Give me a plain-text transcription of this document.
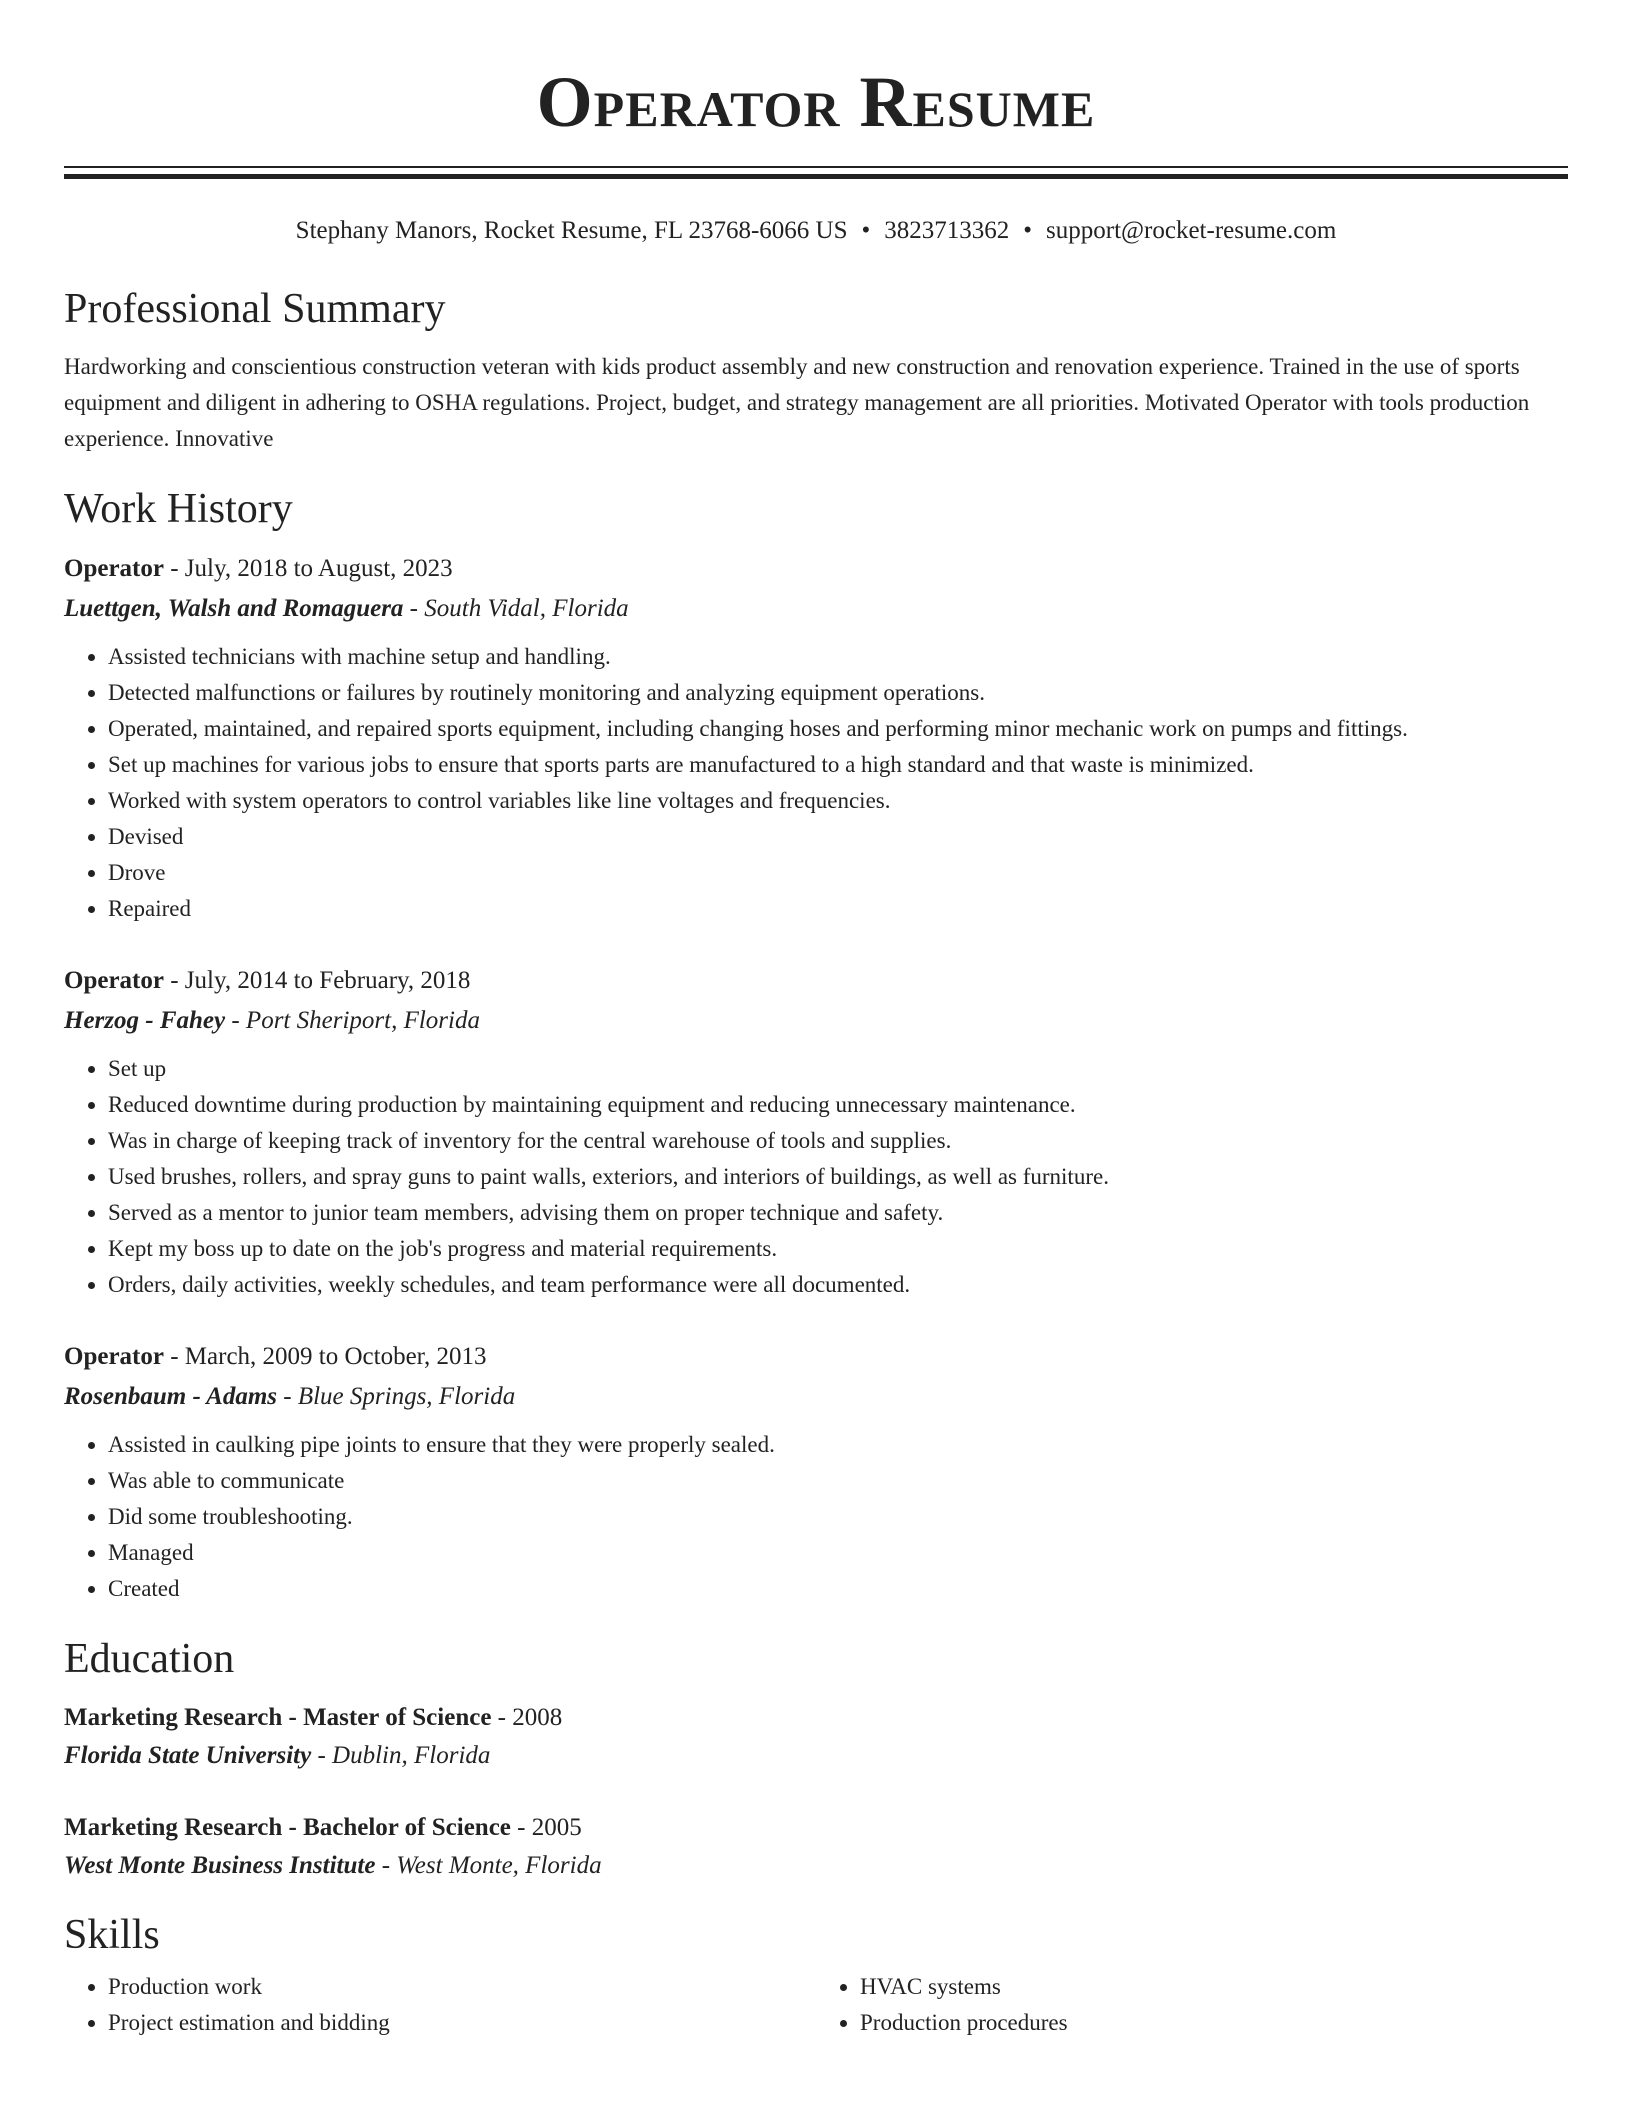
Operator Resume
Stephany Manors, Rocket Resume, FL 23768-6066 US • 3823713362 • support@rocket-resume.com
Professional Summary
Hardworking and conscientious construction veteran with kids product assembly and new construction and renovation experience. Trained in the use of sports equipment and diligent in adhering to OSHA regulations. Project, budget, and strategy management are all priorities. Motivated Operator with tools production experience. Innovative
Work History
Operator - July, 2018 to August, 2023
Luettgen, Walsh and Romaguera - South Vidal, Florida
• Assisted technicians with machine setup and handling.
• Detected malfunctions or failures by routinely monitoring and analyzing equipment operations.
• Operated, maintained, and repaired sports equipment, including changing hoses and performing minor mechanic work on pumps and fittings.
• Set up machines for various jobs to ensure that sports parts are manufactured to a high standard and that waste is minimized.
• Worked with system operators to control variables like line voltages and frequencies.
• Devised
• Drove
• Repaired
Operator - July, 2014 to February, 2018
Herzog - Fahey - Port Sheriport, Florida
• Set up
• Reduced downtime during production by maintaining equipment and reducing unnecessary maintenance.
• Was in charge of keeping track of inventory for the central warehouse of tools and supplies.
• Used brushes, rollers, and spray guns to paint walls, exteriors, and interiors of buildings, as well as furniture.
• Served as a mentor to junior team members, advising them on proper technique and safety.
• Kept my boss up to date on the job's progress and material requirements.
• Orders, daily activities, weekly schedules, and team performance were all documented.
Operator - March, 2009 to October, 2013
Rosenbaum - Adams - Blue Springs, Florida
• Assisted in caulking pipe joints to ensure that they were properly sealed.
• Was able to communicate
• Did some troubleshooting.
• Managed
• Created
Education
Marketing Research - Master of Science - 2008
Florida State University - Dublin, Florida
Marketing Research - Bachelor of Science - 2005
West Monte Business Institute - West Monte, Florida
Skills
• Production work
• Project estimation and bidding
• HVAC systems
• Production procedures
